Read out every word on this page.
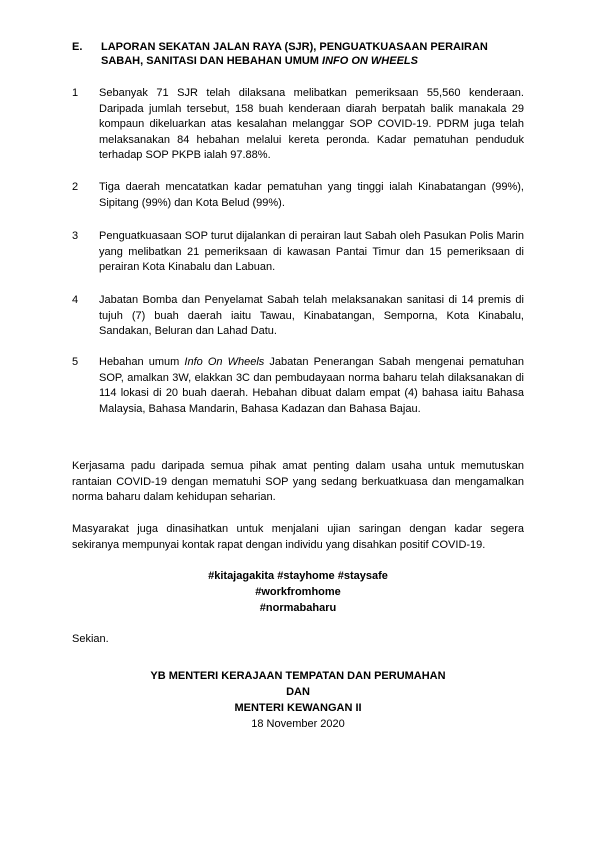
E. LAPORAN SEKATAN JALAN RAYA (SJR), PENGUATKUASAAN PERAIRAN SABAH, SANITASI DAN HEBAHAN UMUM INFO ON WHEELS
1 Sebanyak 71 SJR telah dilaksana melibatkan pemeriksaan 55,560 kenderaan. Daripada jumlah tersebut, 158 buah kenderaan diarah berpatah balik manakala 29 kompaun dikeluarkan atas kesalahan melanggar SOP COVID-19. PDRM juga telah melaksanakan 84 hebahan melalui kereta peronda. Kadar pematuhan penduduk terhadap SOP PKPB ialah 97.88%.
2 Tiga daerah mencatatkan kadar pematuhan yang tinggi ialah Kinabatangan (99%), Sipitang (99%) dan Kota Belud (99%).
3 Penguatkuasaan SOP turut dijalankan di perairan laut Sabah oleh Pasukan Polis Marin yang melibatkan 21 pemeriksaan di kawasan Pantai Timur dan 15 pemeriksaan di perairan Kota Kinabalu dan Labuan.
4 Jabatan Bomba dan Penyelamat Sabah telah melaksanakan sanitasi di 14 premis di tujuh (7) buah daerah iaitu Tawau, Kinabatangan, Semporna, Kota Kinabalu, Sandakan, Beluran dan Lahad Datu.
5 Hebahan umum Info On Wheels Jabatan Penerangan Sabah mengenai pematuhan SOP, amalkan 3W, elakkan 3C dan pembudayaan norma baharu telah dilaksanakan di 114 lokasi di 20 buah daerah. Hebahan dibuat dalam empat (4) bahasa iaitu Bahasa Malaysia, Bahasa Mandarin, Bahasa Kadazan dan Bahasa Bajau.
Kerjasama padu daripada semua pihak amat penting dalam usaha untuk memutuskan rantaian COVID-19 dengan mematuhi SOP yang sedang berkuatkuasa dan mengamalkan norma baharu dalam kehidupan seharian.
Masyarakat juga dinasihatkan untuk menjalani ujian saringan dengan kadar segera sekiranya mempunyai kontak rapat dengan individu yang disahkan positif COVID-19.
#kitajagakita #stayhome #staysafe
#workfromhome
#normabaharu
Sekian.
YB MENTERI KERAJAAN TEMPATAN DAN PERUMAHAN
DAN
MENTERI KEWANGAN II
18 November 2020
